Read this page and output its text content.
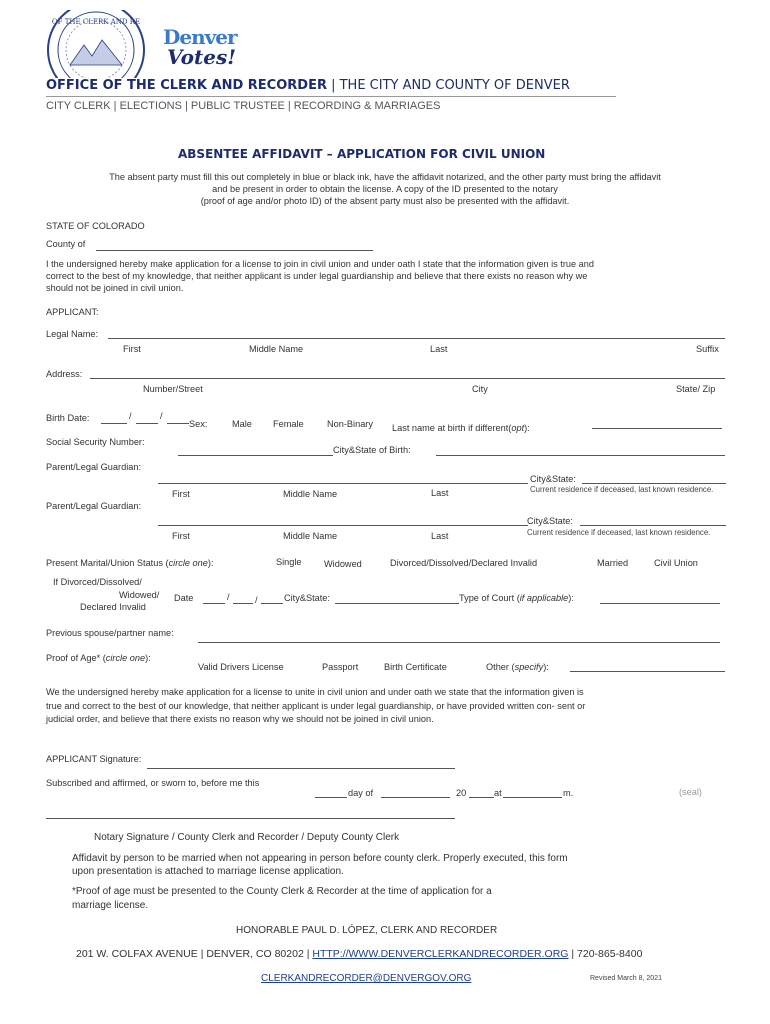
OF THE CLERK AND RE
Denver
Votes!
OFFICE OF THE CLERK AND RECORDER | THE CITY AND COUNTY OF DENVER
CITY CLERK | ELECTIONS | PUBLIC TRUSTEE | RECORDING & MARRIAGES
ABSENTEE AFFIDAVIT – APPLICATION FOR CIVIL UNION
The absent party must fill this out completely in blue or black ink, have the affidavit notarized, and the other party must bring the affidavit
and be present in order to obtain the license. A copy of the ID presented to the notary
(proof of age and/or photo ID) of the absent party must also be presented with the affidavit.
STATE OF COLORADO
County of
I the undersigned hereby make application for a license to join in civil union and under oath I state that the information given is true and
correct to the best of my knowledge, that neither applicant is under legal guardianship and believe that there exists no reason why we
should not be joined in civil union.
APPLICANT:
Legal Name:
First	Middle Name	Last	Suffix
Address:
Number/Street	City	State/ Zip
Birth Date:	/	/
Sex:	Male Female	Non-Binary Last name at birth if different(opt):
Social Security Number:
City&State of Birth:
Parent/Legal Guardian:
City&State:
First	Middle Name	Last	Current residence if deceased, last known residence.
Parent/Legal Guardian:
City&State:
First	Middle Name	Last	Current residence if deceased, last known residence.
Present Marital/Union Status (circle one):	Single Widowed	Divorced/Dissolved/Declared Invalid	Married	Civil Union
If Divorced/Dissolved/
Widowed/
Declared Invalid
Date	/	/	City&State:	Type of Court (if applicable):
Previous spouse/partner name:
Proof of Age* (circle one):
Valid Drivers License	Passport	Birth Certificate	Other (specify):
We the undersigned hereby make application for a license to unite in civil union and under oath we state that the information given is
true and correct to the best of our knowledge, that neither applicant is under legal guardianship, or have provided written con- sent or
judicial order, and believe that there exists no reason why we should not be joined in civil union.
APPLICANT Signature:
Subscribed and affirmed, or sworn to, before me this
day of	20	at	m.	(seal)
Notary Signature / County Clerk and Recorder / Deputy County Clerk
Affidavit by person to be married when not appearing in person before county clerk. Properly executed, this form
upon presentation is attached to marriage license application.
*Proof of age must be presented to the County Clerk & Recorder at the time of application for a
marriage license.
HONORABLE PAUL D. LÓPEZ, CLERK AND RECORDER
201 W. COLFAX AVENUE | DENVER, CO 80202 | HTTP://WWW.DENVERCLERKANDRECORDER.ORG | 720-865-8400
CLERKANDRECORDER@DENVERGOV.ORG	Revised March 8, 2021
